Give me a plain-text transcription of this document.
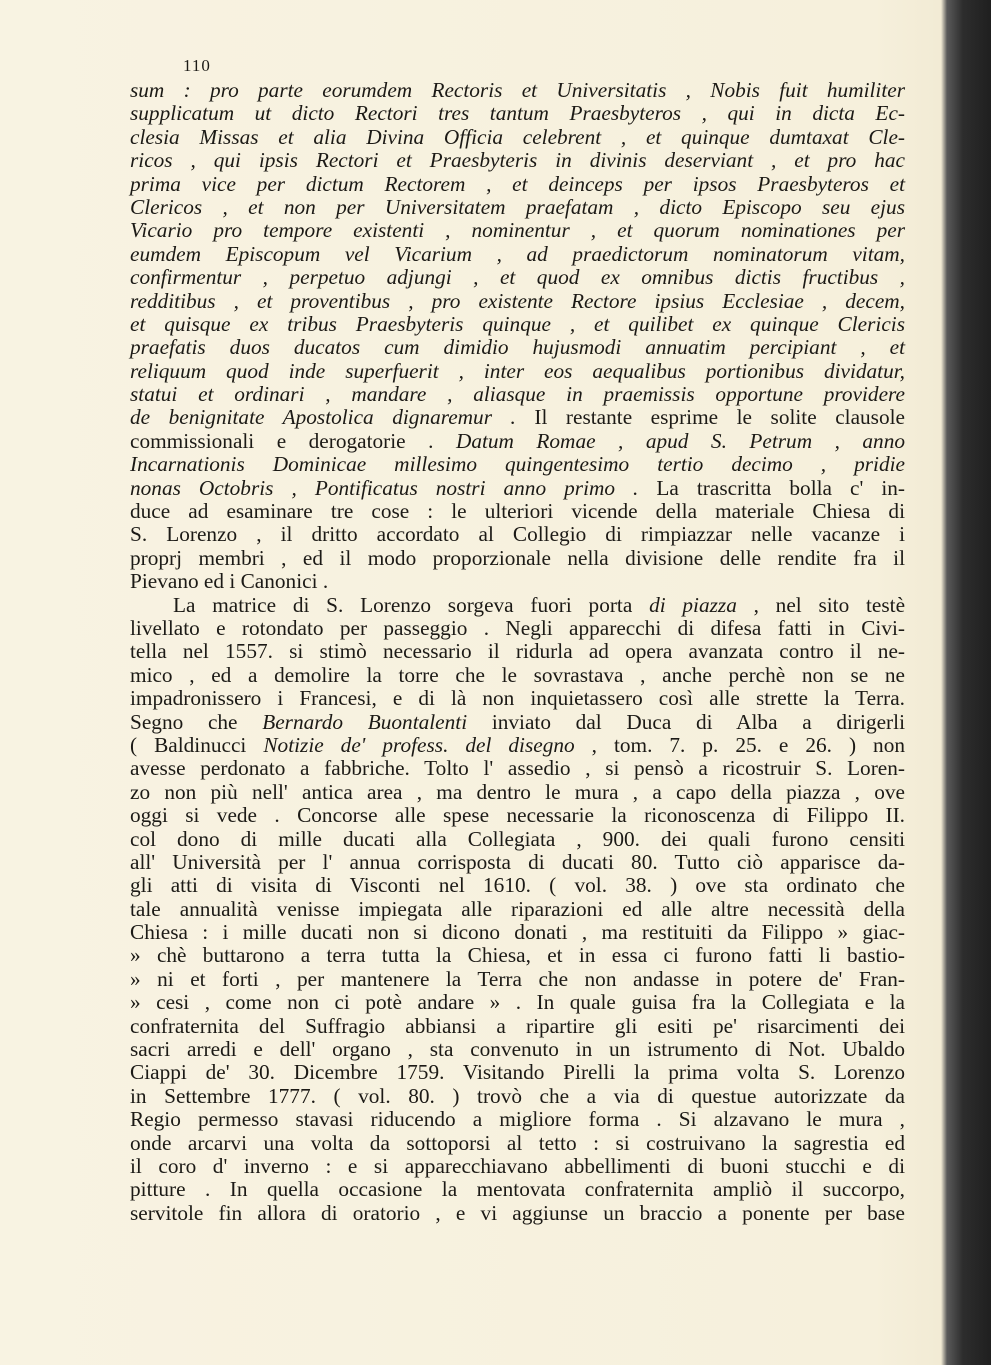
110
sum : pro parte eorumdem Rectoris et Universitatis , Nobis fuit humiliter
supplicatum ut dicto Rectori tres tantum Praesbyteros , qui in dicta Ec-
clesia Missas et alia Divina Officia celebrent , et quinque dumtaxat Cle-
ricos , qui ipsis Rectori et Praesbyteris in divinis deserviant , et pro hac
prima vice per dictum Rectorem , et deinceps per ipsos Praesbyteros et
Clericos , et non per Universitatem praefatam , dicto Episcopo seu ejus
Vicario pro tempore existenti , nominentur , et quorum nominationes per
eumdem Episcopum vel Vicarium , ad praedictorum nominatorum vitam,
confirmentur , perpetuo adjungi , et quod ex omnibus dictis fructibus ,
redditibus , et proventibus , pro existente Rectore ipsius Ecclesiae , decem,
et quisque ex tribus Praesbyteris quinque , et quilibet ex quinque Clericis
praefatis duos ducatos cum dimidio hujusmodi annuatim percipiant , et
reliquum quod inde superfuerit , inter eos aequalibus portionibus dividatur,
statui et ordinari , mandare , aliasque in praemissis opportune providere
de benignitate Apostolica dignaremur . Il restante esprime le solite clausole
commissionali e derogatorie . Datum Romae , apud S. Petrum , anno
Incarnationis Dominicae millesimo quingentesimo tertio decimo , pridie
nonas Octobris , Pontificatus nostri anno primo . La trascritta bolla c' in-
duce ad esaminare tre cose : le ulteriori vicende della materiale Chiesa di
S. Lorenzo , il dritto accordato al Collegio di rimpiazzar nelle vacanze i
proprj membri , ed il modo proporzionale nella divisione delle rendite fra il
Pievano ed i Canonici .
La matrice di S. Lorenzo sorgeva fuori porta di piazza , nel sito testè
livellato e rotondato per passeggio . Negli apparecchi di difesa fatti in Civi-
tella nel 1557. si stimò necessario il ridurla ad opera avanzata contro il ne-
mico , ed a demolire la torre che le sovrastava , anche perchè non se ne
impadronissero i Francesi, e di là non inquietassero così alle strette la Terra.
Segno che Bernardo Buontalenti inviato dal Duca di Alba a dirigerli
( Baldinucci Notizie de' profess. del disegno , tom. 7. p. 25. e 26. ) non
avesse perdonato a fabbriche. Tolto l' assedio , si pensò a ricostruir S. Loren-
zo non più nell' antica area , ma dentro le mura , a capo della piazza , ove
oggi si vede . Concorse alle spese necessarie la riconoscenza di Filippo II.
col dono di mille ducati alla Collegiata , 900. dei quali furono censiti
all' Università per l' annua corrisposta di ducati 80. Tutto ciò apparisce da-
gli atti di visita di Visconti nel 1610. ( vol. 38. ) ove sta ordinato che
tale annualità venisse impiegata alle riparazioni ed alle altre necessità della
Chiesa : i mille ducati non si dicono donati , ma restituiti da Filippo » giac-
» chè buttarono a terra tutta la Chiesa, et in essa ci furono fatti li bastio-
» ni et forti , per mantenere la Terra che non andasse in potere de' Fran-
» cesi , come non ci potè andare » . In quale guisa fra la Collegiata e la
confraternita del Suffragio abbiansi a ripartire gli esiti pe' risarcimenti dei
sacri arredi e dell' organo , sta convenuto in un istrumento di Not. Ubaldo
Ciappi de' 30. Dicembre 1759. Visitando Pirelli la prima volta S. Lorenzo
in Settembre 1777. ( vol. 80. ) trovò che a via di questue autorizzate da
Regio permesso stavasi riducendo a migliore forma . Si alzavano le mura ,
onde arcarvi una volta da sottoporsi al tetto : si costruivano la sagrestia ed
il coro d' inverno : e si apparecchiavano abbellimenti di buoni stucchi e di
pitture . In quella occasione la mentovata confraternita ampliò il succorpo,
servitole fin allora di oratorio , e vi aggiunse un braccio a ponente per base
